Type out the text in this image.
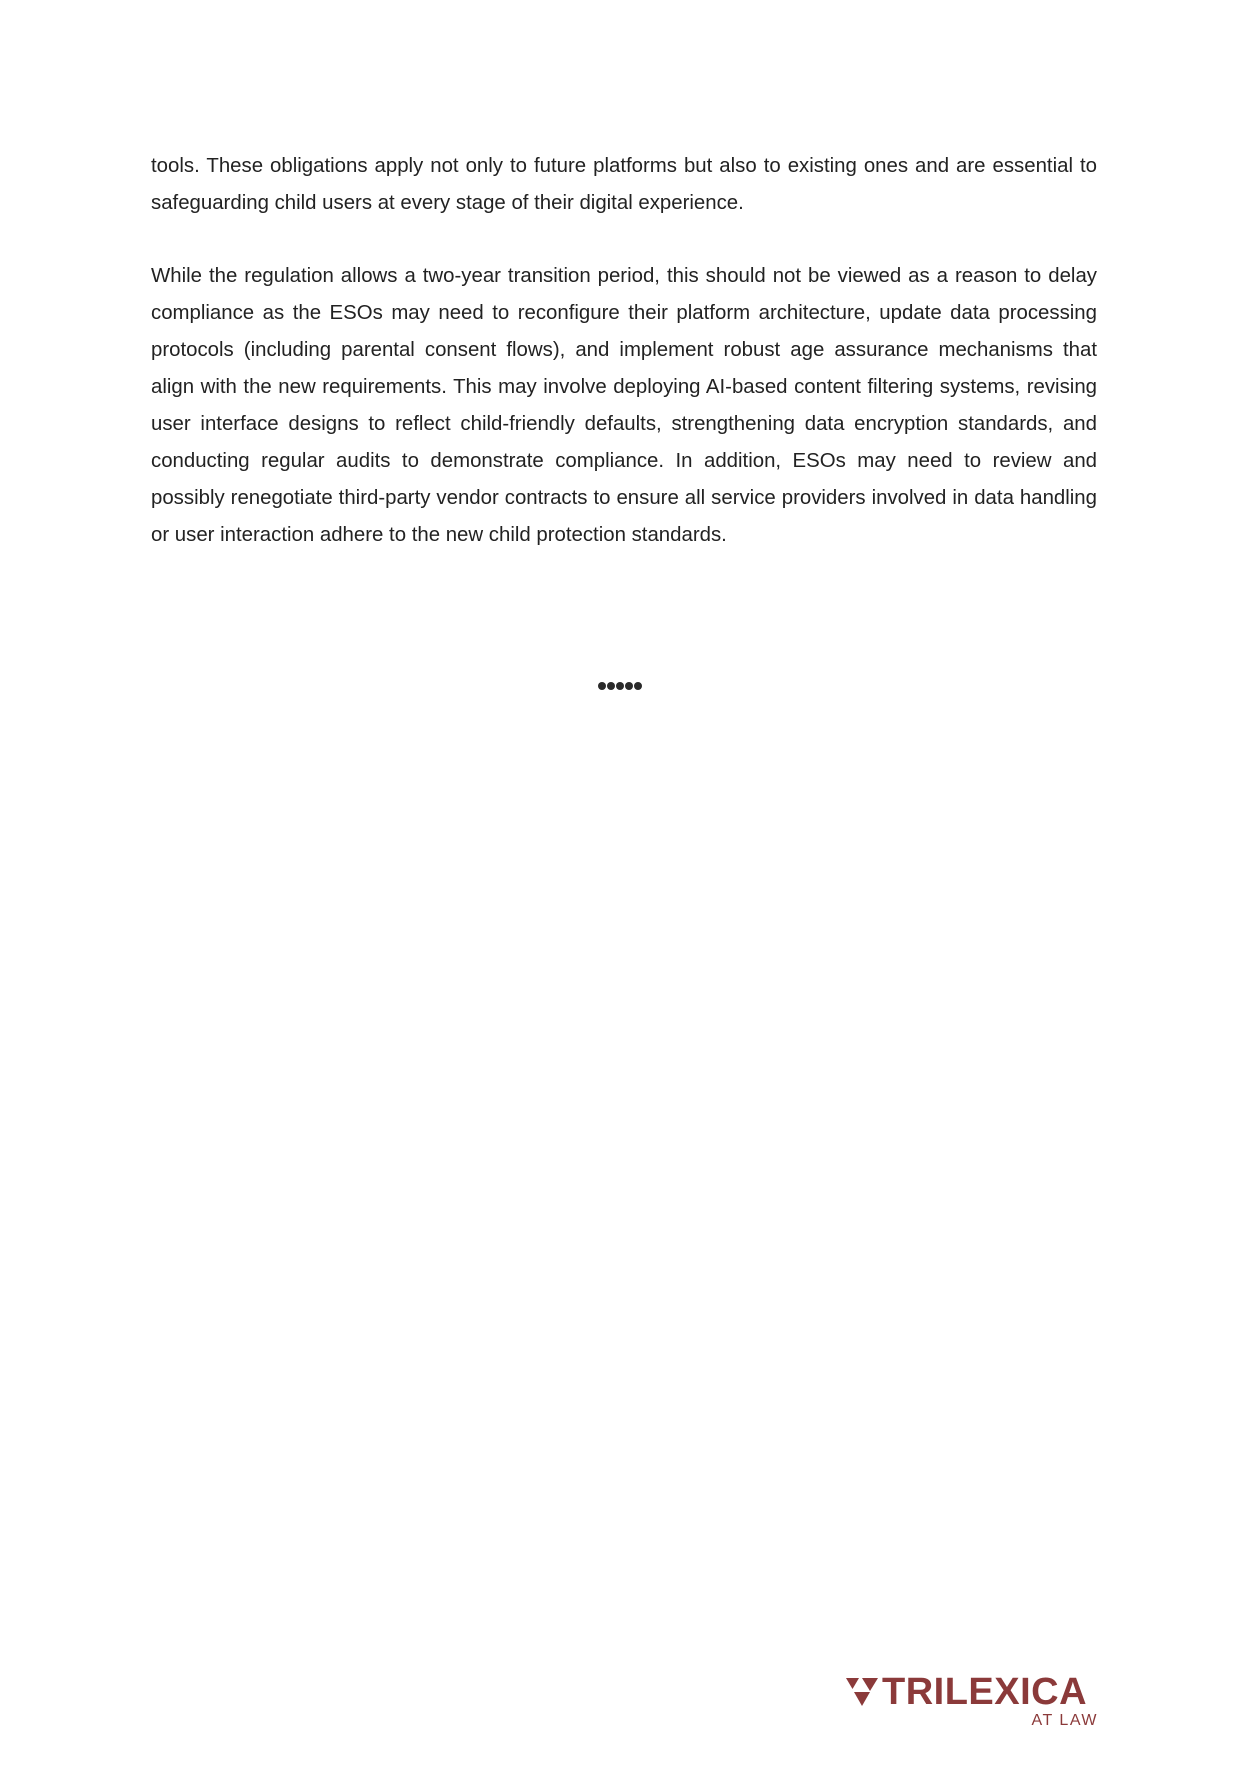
tools. These obligations apply not only to future platforms but also to existing ones and are essential to safeguarding child users at every stage of their digital experience.

While the regulation allows a two-year transition period, this should not be viewed as a reason to delay compliance as the ESOs may need to reconfigure their platform architecture, update data processing protocols (including parental consent flows), and implement robust age assurance mechanisms that align with the new requirements. This may involve deploying AI-based content filtering systems, revising user interface designs to reflect child-friendly defaults, strengthening data encryption standards, and conducting regular audits to demonstrate compliance. In addition, ESOs may need to review and possibly renegotiate third-party vendor contracts to ensure all service providers involved in data handling or user interaction adhere to the new child protection standards.

TRILEXICA
AT LAW
